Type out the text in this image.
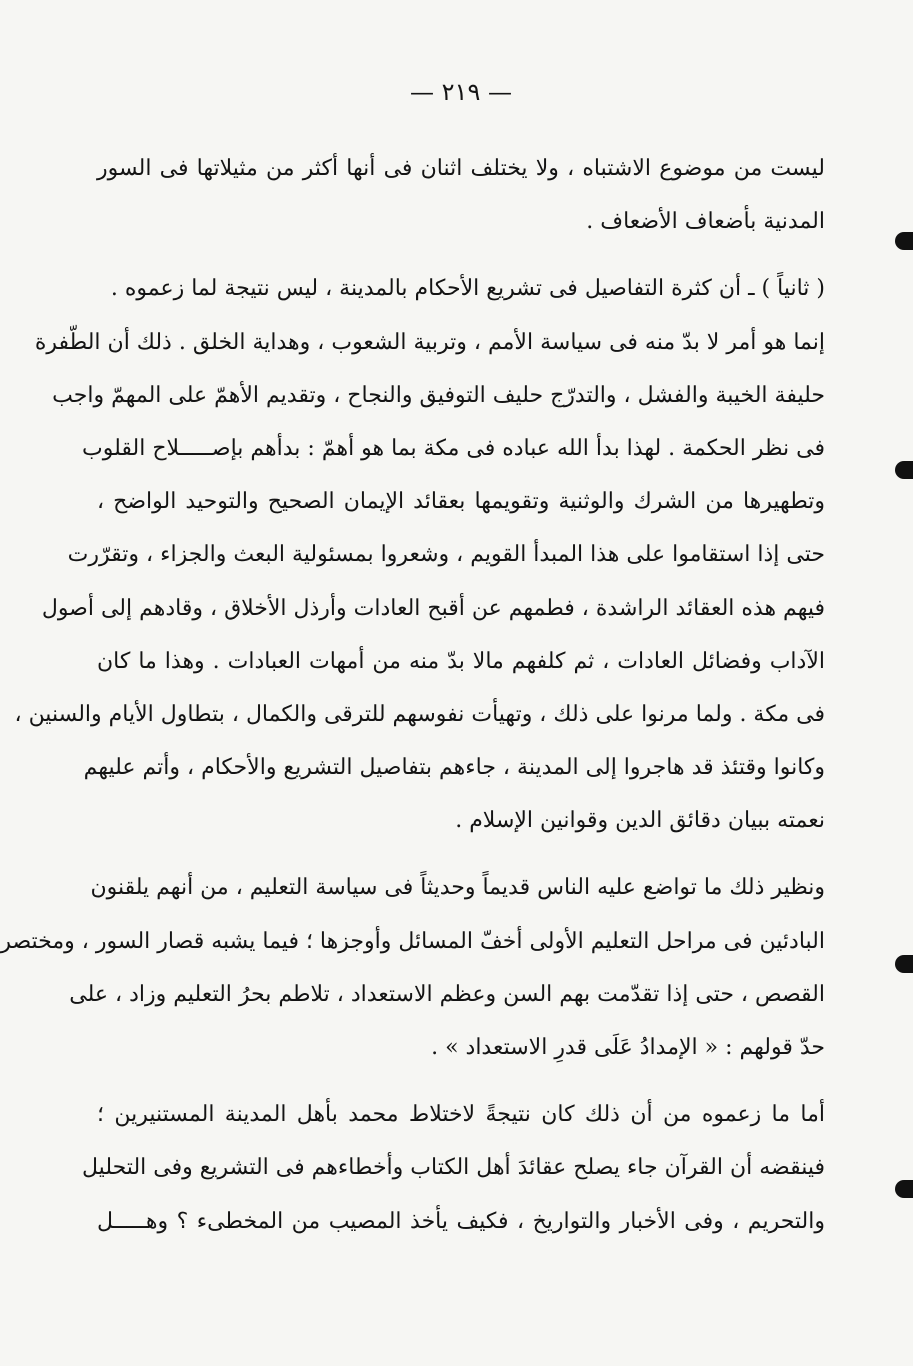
— ٢١٩ —
ليست من موضوع الاشتباه ، ولا يختلف اثنان فى أنها أكثر من مثيلاتها فى السور
المدنية بأضعاف الأضعاف .
( ثانياً ) ـ أن كثرة التفاصيل فى تشريع الأحكام بالمدينة ، ليس نتيجة لما زعموه .
إنما هو أمر لا بدّ منه فى سياسة الأمم ، وتربية الشعوب ، وهداية الخلق . ذلك أن الطّفرة
حليفة الخيبة والفشل ، والتدرّج حليف التوفيق والنجاح ، وتقديم الأهمّ على المهمّ واجب
فى نظر الحكمة . لهذا بدأ الله عباده فى مكة بما هو أهمّ : بدأهم بإصـــــلاح القلوب
وتطهيرها من الشرك والوثنية وتقويمها بعقائد الإيمان الصحيح والتوحيد الواضح ،
حتى إذا استقاموا على هذا المبدأ القويم ، وشعروا بمسئولية البعث والجزاء ، وتقرّرت
فيهم هذه العقائد الراشدة ، فطمهم عن أقبح العادات وأرذل الأخلاق ، وقادهم إلى أصول
الآداب وفضائل العادات ، ثم كلفهم مالا بدّ منه من أمهات العبادات . وهذا ما كان
فى مكة . ولما مرنوا على ذلك ، وتهيأت نفوسهم للترقى والكمال ، بتطاول الأيام والسنين ،
وكانوا وقتئذ قد هاجروا إلى المدينة ، جاءهم بتفاصيل التشريع والأحكام ، وأتم عليهم
نعمته ببيان دقائق الدين وقوانين الإسلام .
ونظير ذلك ما تواضع عليه الناس قديماً وحديثاً فى سياسة التعليم ، من أنهم يلقنون
البادئين فى مراحل التعليم الأولى أخفّ المسائل وأوجزها ؛ فيما يشبه قصار السور ، ومختصر
القصص ، حتى إذا تقدّمت بهم السن وعظم الاستعداد ، تلاطم بحرُ التعليم وزاد ، على
حدّ قولهم : « الإمدادُ عَلَى قدرِ الاستعداد » .
أما ما زعموه من أن ذلك كان نتيجةً لاختلاط محمد بأهل المدينة المستنيرين ؛
فينقضه أن القرآن جاء يصلح عقائدَ أهل الكتاب وأخطاءهم فى التشريع وفى التحليل
والتحريم ، وفى الأخبار والتواريخ ، فكيف يأخذ المصيب من المخطىء ؟ وهـــــل
